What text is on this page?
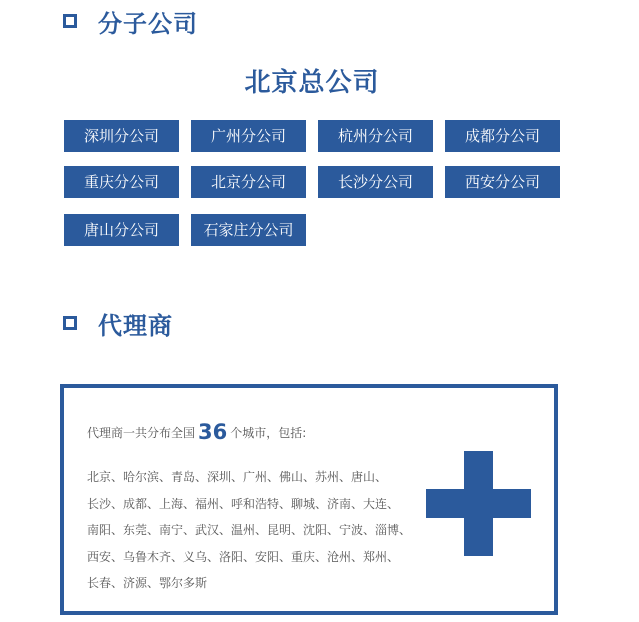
分子公司
北京总公司
深圳分公司	广州分公司	杭州分公司	成都分公司
重庆分公司	北京分公司	长沙分公司	西安分公司
唐山分公司	石家庄分公司
代理商
代理商一共分布全国 36 个城市，包括:
北京、哈尔滨、青岛、深圳、广州、佛山、苏州、唐山、
长沙、成都、上海、福州、呼和浩特、聊城、济南、大连、
南阳、东莞、南宁、武汉、温州、昆明、沈阳、宁波、淄博、
西安、乌鲁木齐、义乌、洛阳、安阳、重庆、沧州、郑州、
长春、济源、鄂尔多斯
